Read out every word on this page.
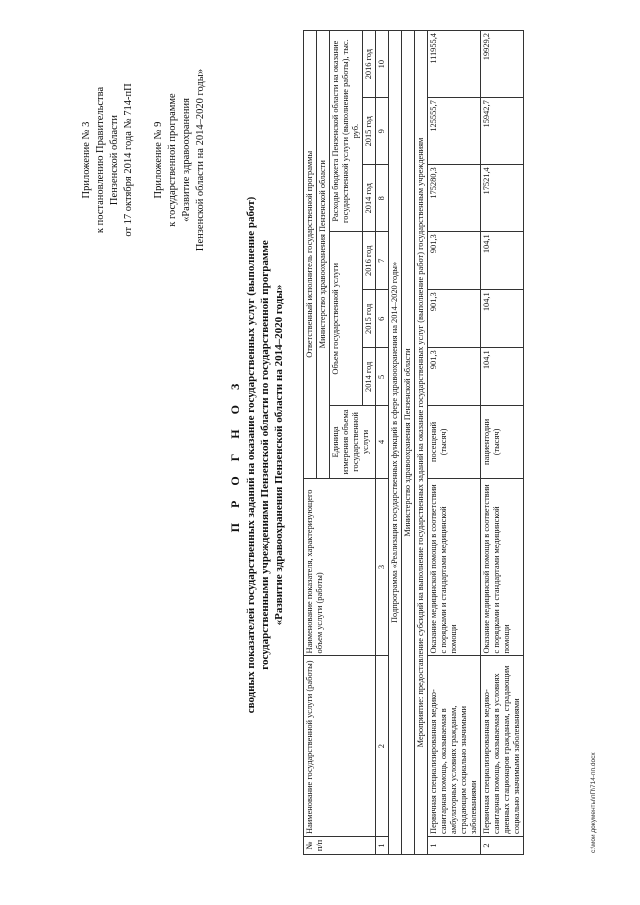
Приложение № 3 к постановлению Правительства Пензенской области от 17 октября 2014 года № 714-пП Приложение № 9 к государственной программе «Развитие здравоохранения Пензенской области на 2014–2020 годы»
П Р О Г Н О З сводных показателей государственных заданий на оказание государственных услуг (выполнение работ) государственными учреждениями Пензенской области по государственной программе «Развитие здравоохранения Пензенской области на 2014–2020 годы»
№ п/п	Наименование государственной услуги (работы)	Наименование показателя, характеризующего объем услуги (работы)	Ответственный исполнитель государственной программы						
			Министерство здравоохранения Пензенской области						
			Единица измерения объема государственной услуги	Объем государственной услуги			Расходы бюджета Пензенской области на оказание государственной услуги (выполнение работы), тыс. руб.		
				2014 год	2015 год	2016 год	2014 год	2015 год	2016 год
1	2	3	4	5	6	7	8	9	10
Подпрограмма «Реализация государственных функций в сфере здравоохранения на 2014–2020 годы»									
Министерство здравоохранения Пензенской области									
Мероприятие: предоставление субсидий на выполнение государственных заданий на оказание государственных услуг (выполнение работ) государственным учреждениям									
1	Первичная специализированная медико-санитарная помощь, оказываемая в амбулаторных условиях гражданам, страдающим социально значимыми заболеваниями	Оказание медицинской помощи в соответствии с порядками и стандартами медицинской помощи	посещений (тысяч)	901,3	901,3	901,3	175280,3	125555,7	111955,4
2	Первичная специализированная медико-санитарная помощь, оказываемая в условиях дневных стационаров гражданам, страдающим социально значимыми заболеваниями	Оказание медицинской помощи в соответствии с порядками и стандартами медицинской помощи	пациентодни (тысяч)	104,1	104,1	104,1	17521,4	15942,7	19929,2
с:\мои документы\пП\714-пп.docx
